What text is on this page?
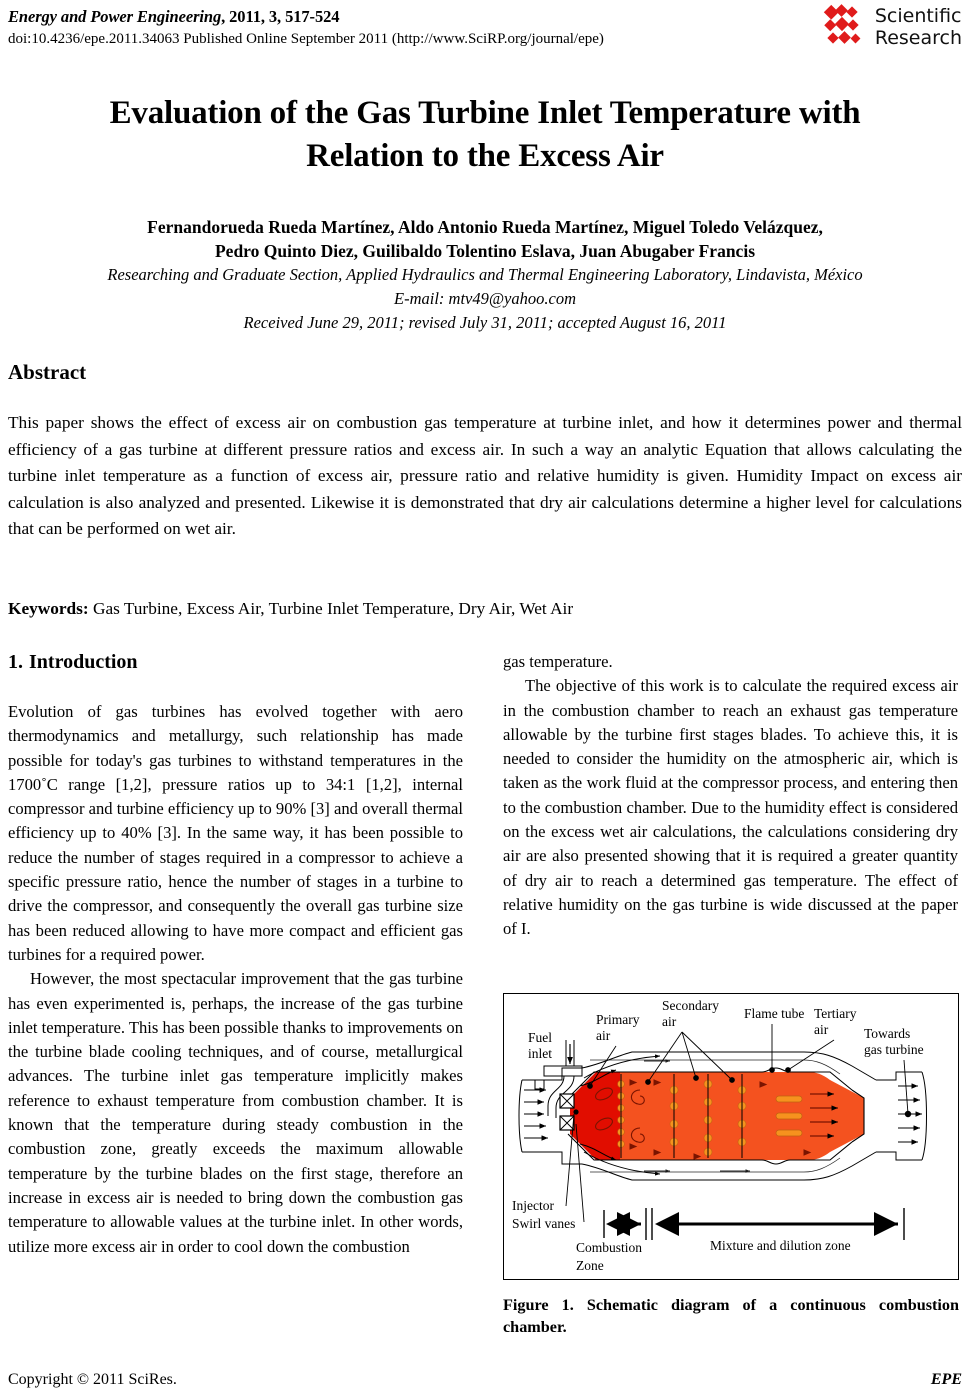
Energy and Power Engineering, 2011, 3, 517-524
doi:10.4236/epe.2011.34063 Published Online September 2011 (http://www.SciRP.org/journal/epe)
Scientific
Research
Evaluation of the Gas Turbine Inlet Temperature with
Relation to the Excess Air
Fernandorueda Rueda Martínez, Aldo Antonio Rueda Martínez, Miguel Toledo Velázquez,
Pedro Quinto Diez, Guilibaldo Tolentino Eslava, Juan Abugaber Francis
Researching and Graduate Section, Applied Hydraulics and Thermal Engineering Laboratory, Lindavista, México
E-mail: mtv49@yahoo.com
Received June 29, 2011; revised July 31, 2011; accepted August 16, 2011
Abstract
This paper shows the effect of excess air on combustion gas temperature at turbine inlet, and how it determines power and thermal efficiency of a gas turbine at different pressure ratios and excess air. In such a way an analytic Equation that allows calculating the turbine inlet temperature as a function of excess air, pressure ratio and relative humidity is given. Humidity Impact on excess air calculation is also analyzed and presented. Likewise it is demonstrated that dry air calculations determine a higher level for calculations that can be performed on wet air.
Keywords: Gas Turbine, Excess Air, Turbine Inlet Temperature, Dry Air, Wet Air
1. Introduction

Evolution of gas turbines has evolved together with aero thermodynamics and metallurgy, such relationship has made possible for today's gas turbines to withstand temperatures in the 1700˚C range [1,2], pressure ratios up to 34:1 [1,2], internal compressor and turbine efficiency up to 90% [3] and overall thermal efficiency up to 40% [3]. In the same way, it has been possible to reduce the number of stages required in a compressor to achieve a specific pressure ratio, hence the number of stages in a turbine to drive the compressor, and consequently the overall gas turbine size has been reduced allowing to have more compact and efficient gas turbines for a required power.

However, the most spectacular improvement that the gas turbine has even experimented is, perhaps, the increase of the gas turbine inlet temperature. This has been possible thanks to improvements on the turbine blade cooling techniques, and of course, metallurgical advances. The turbine inlet gas temperature implicitly makes reference to exhaust temperature from combustion chamber. It is known that the temperature during steady combustion in the combustion zone, greatly exceeds the maximum allowable temperature by the turbine blades on the first stage, therefore an increase in excess air is needed to bring down the combustion gas temperature to allowable values at the turbine inlet. In other words, utilize more excess air in order to cool down the combustion

gas temperature.

The objective of this work is to calculate the required excess air in the combustion chamber to reach an exhaust gas temperature allowable by the turbine first stages blades. To achieve this, it is needed to consider the humidity on the atmospheric air, which is taken as the work fluid at the compressor process, and entering then to the combustion chamber. Due to the humidity effect is considered on the excess wet air calculations, the calculations considering dry air are also presented showing that it is required a greater quantity of dry air to reach a determined gas temperature. The effect of relative humidity on the gas turbine is wide discussed at the paper of I.

Fuel
inlet
Primary
air
Secondary
air
Flame tube Tertiary
air	Towards
gas turbine
Injector
Swirl vanes
Combustion
Zone
Mixture and dilution zone
Figure 1. Schematic diagram of a continuous combustion chamber.
Copyright © 2011 SciRes.	EPE
